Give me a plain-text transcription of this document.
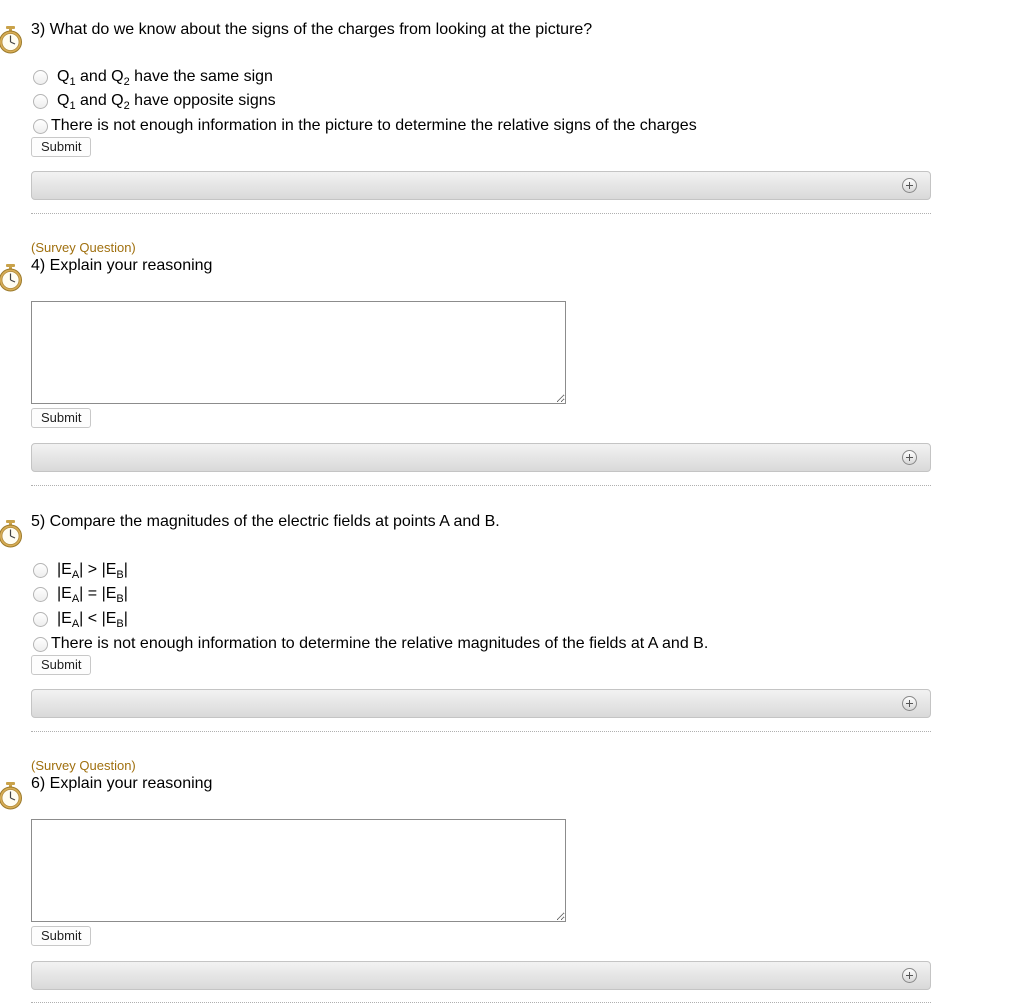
3) What do we know about the signs of the charges from looking at the picture?
$Q_1$ and $Q_2$ have the same sign
$Q_1$ and $Q_2$ have opposite signs
There is not enough information in the picture to determine the relative signs of the charges
Submit
(Survey Question)
4) Explain your reasoning
Submit
5) Compare the magnitudes of the electric fields at points A and B.
$|E_A| > |E_B|$
$|E_A| = |E_B|$
$|E_A| < |E_B|$
There is not enough information to determine the relative magnitudes of the fields at A and B.
Submit
(Survey Question)
6) Explain your reasoning
Submit
